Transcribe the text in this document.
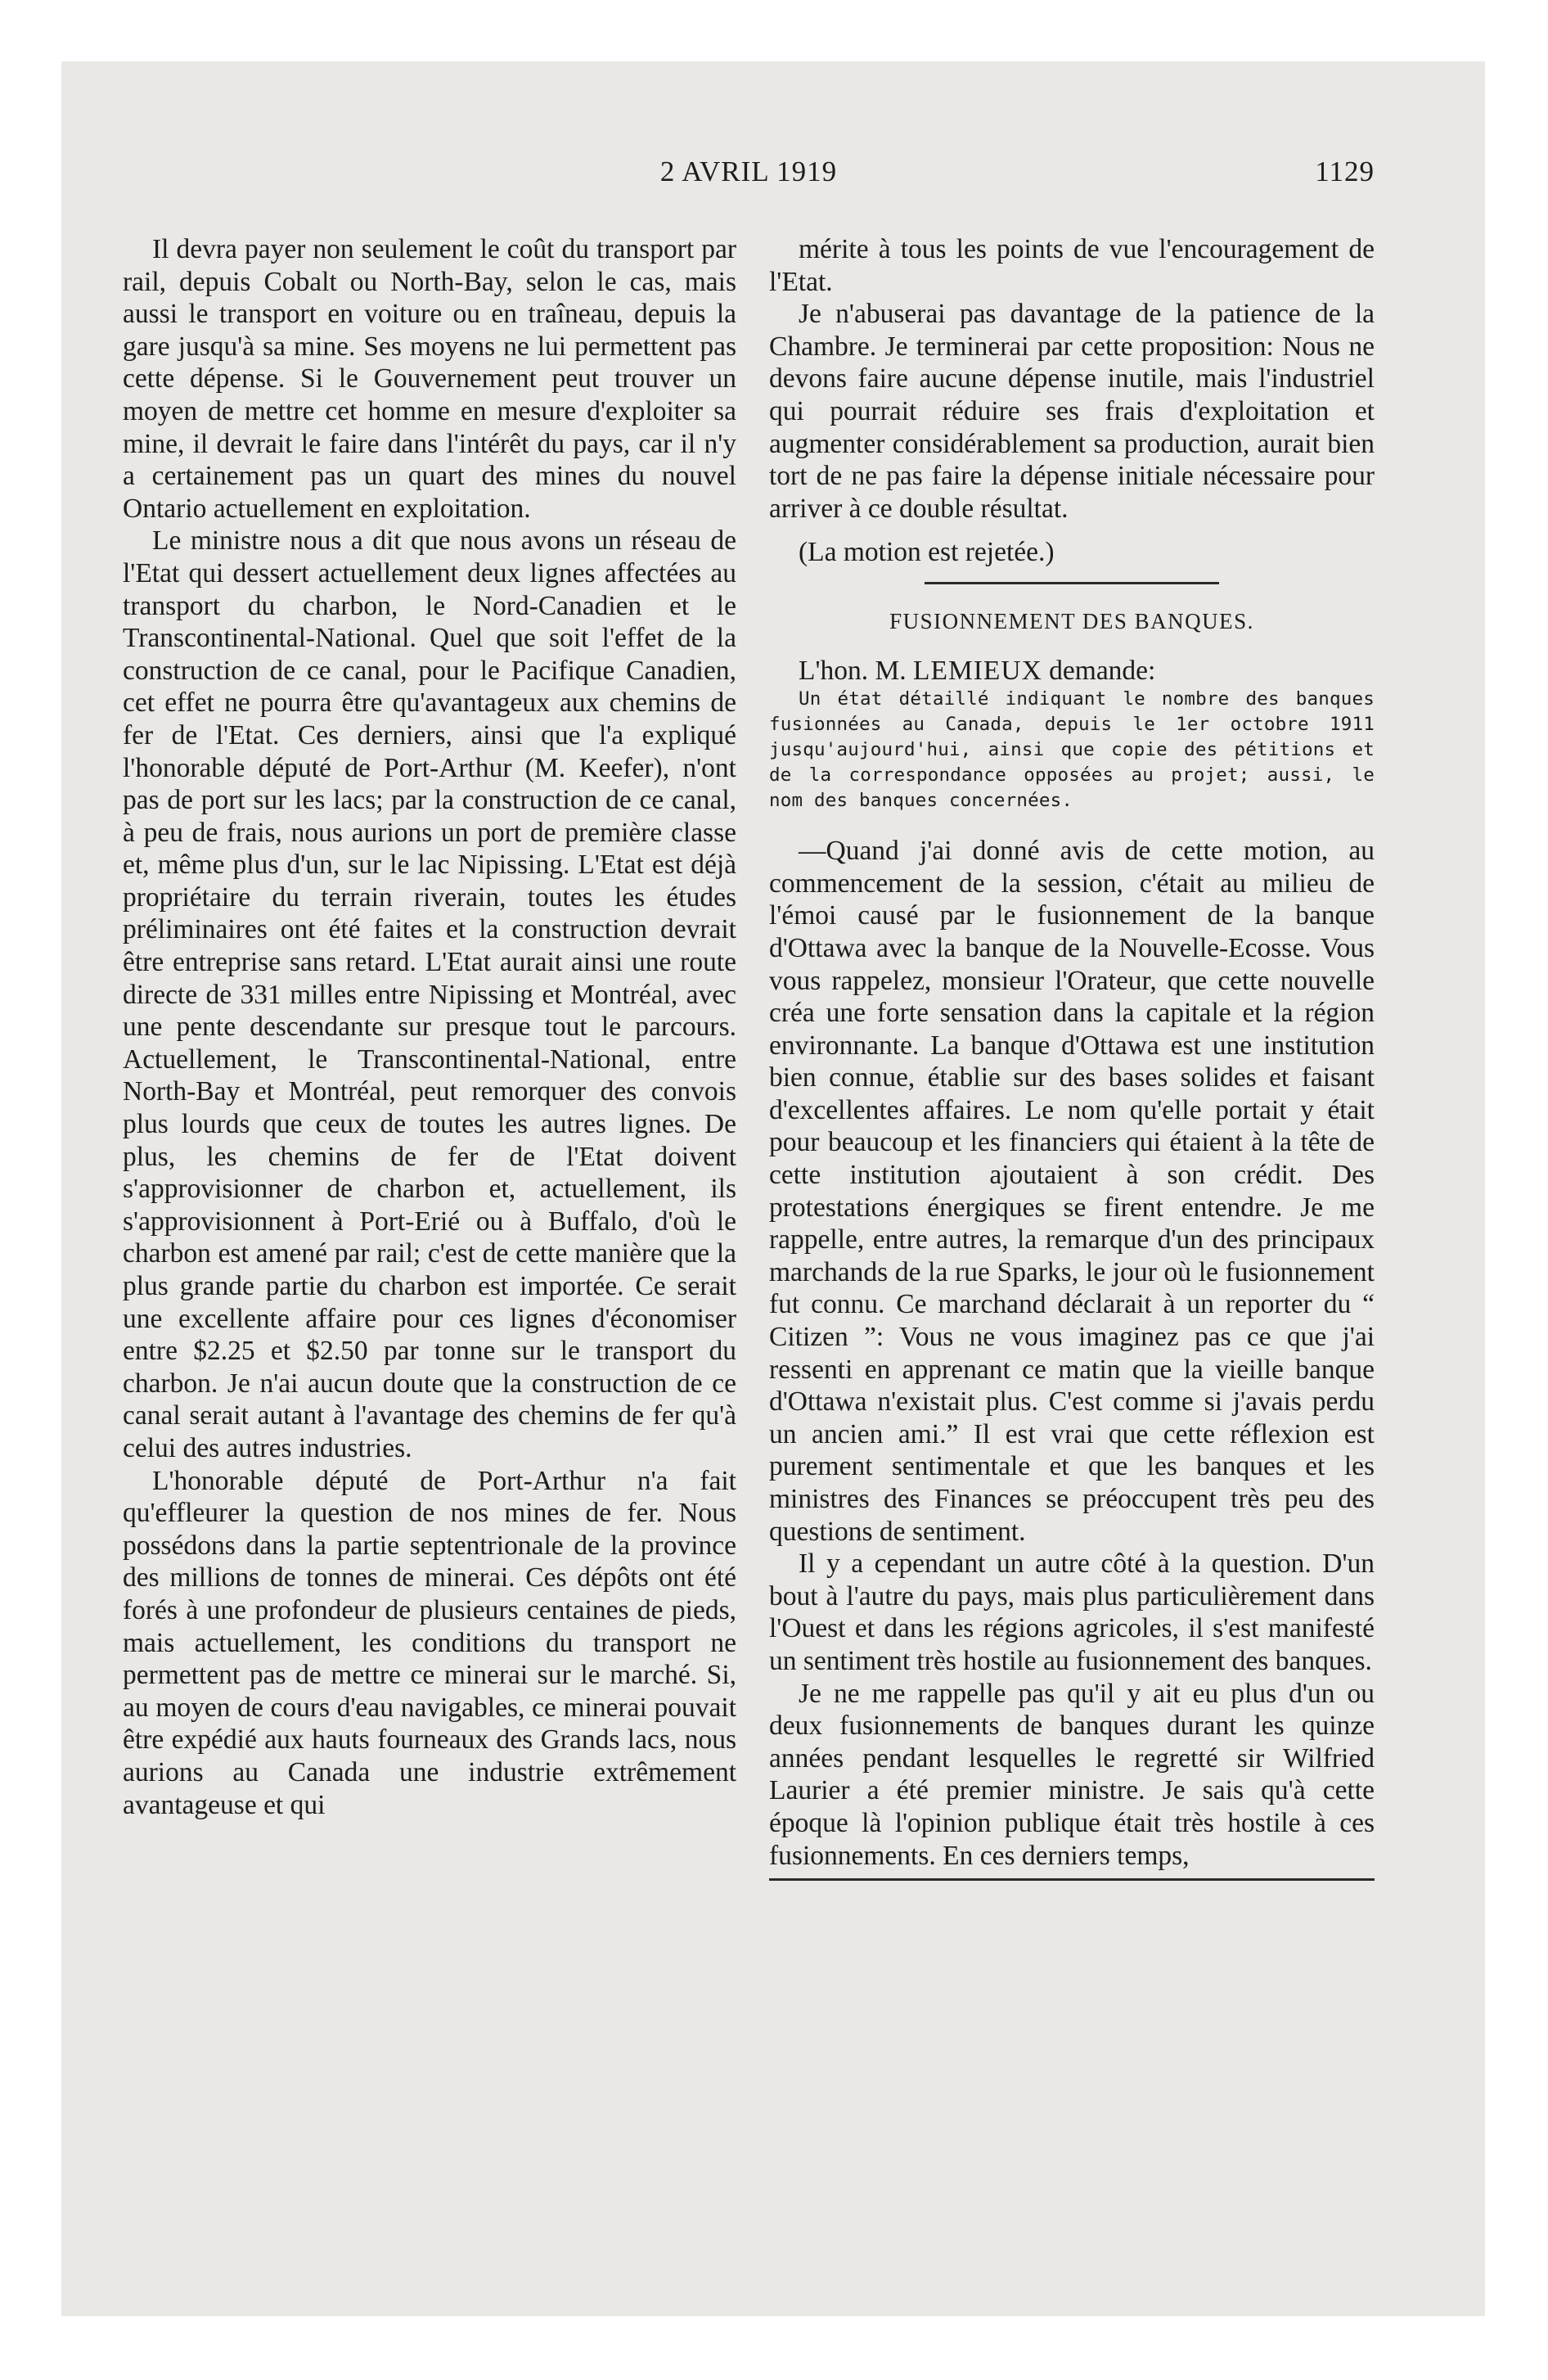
2 AVRIL 1919	1129

Il devra payer non seulement le coût du transport par rail, depuis Cobalt ou North-Bay, selon le cas, mais aussi le transport en voiture ou en traîneau, depuis la gare jusqu'à sa mine. Ses moyens ne lui permettent pas cette dépense. Si le Gouvernement peut trouver un moyen de mettre cet homme en mesure d'exploiter sa mine, il devrait le faire dans l'intérêt du pays, car il n'y a certainement pas un quart des mines du nouvel Ontario actuellement en exploitation.

Le ministre nous a dit que nous avons un réseau de l'Etat qui dessert actuellement deux lignes affectées au transport du charbon, le Nord-Canadien et le Transcontinental-National. Quel que soit l'effet de la construction de ce canal, pour le Pacifique Canadien, cet effet ne pourra être qu'avantageux aux chemins de fer de l'Etat. Ces derniers, ainsi que l'a expliqué l'honorable député de Port-Arthur (M. Keefer), n'ont pas de port sur les lacs; par la construction de ce canal, à peu de frais, nous aurions un port de première classe et, même plus d'un, sur le lac Nipissing. L'Etat est déjà propriétaire du terrain riverain, toutes les études préliminaires ont été faites et la construction devrait être entreprise sans retard. L'Etat aurait ainsi une route directe de 331 milles entre Nipissing et Montréal, avec une pente descendante sur presque tout le parcours. Actuellement, le Transcontinental-National, entre North-Bay et Montréal, peut remorquer des convois plus lourds que ceux de toutes les autres lignes. De plus, les chemins de fer de l'Etat doivent s'approvisionner de charbon et, actuellement, ils s'approvisionnent à Port-Erié ou à Buffalo, d'où le charbon est amené par rail; c'est de cette manière que la plus grande partie du charbon est importée. Ce serait une excellente affaire pour ces lignes d'économiser entre $2.25 et $2.50 par tonne sur le transport du charbon. Je n'ai aucun doute que la construction de ce canal serait autant à l'avantage des chemins de fer qu'à celui des autres industries.

L'honorable député de Port-Arthur n'a fait qu'effleurer la question de nos mines de fer. Nous possédons dans la partie septentrionale de la province des millions de tonnes de minerai. Ces dépôts ont été forés à une profondeur de plusieurs centaines de pieds, mais actuellement, les conditions du transport ne permettent pas de mettre ce minerai sur le marché. Si, au moyen de cours d'eau navigables, ce minerai pouvait être expédié aux hauts fourneaux des Grands lacs, nous aurions au Canada une industrie extrêmement avantageuse et qui

mérite à tous les points de vue l'encouragement de l'Etat.

Je n'abuserai pas davantage de la patience de la Chambre. Je terminerai par cette proposition: Nous ne devons faire aucune dépense inutile, mais l'industriel qui pourrait réduire ses frais d'exploitation et augmenter considérablement sa production, aurait bien tort de ne pas faire la dépense initiale nécessaire pour arriver à ce double résultat.

(La motion est rejetée.)

FUSIONNEMENT DES BANQUES.

L'hon. M. LEMIEUX demande:

Un état détaillé indiquant le nombre des banques fusionnées au Canada, depuis le 1er octobre 1911 jusqu'aujourd'hui, ainsi que copie des pétitions et de la correspondance opposées au projet; aussi, le nom des banques concernées.

—Quand j'ai donné avis de cette motion, au commencement de la session, c'était au milieu de l'émoi causé par le fusionnement de la banque d'Ottawa avec la banque de la Nouvelle-Ecosse. Vous vous rappelez, monsieur l'Orateur, que cette nouvelle créa une forte sensation dans la capitale et la région environnante. La banque d'Ottawa est une institution bien connue, établie sur des bases solides et faisant d'excellentes affaires. Le nom qu'elle portait y était pour beaucoup et les financiers qui étaient à la tête de cette institution ajoutaient à son crédit. Des protestations énergiques se firent entendre. Je me rappelle, entre autres, la remarque d'un des principaux marchands de la rue Sparks, le jour où le fusionnement fut connu. Ce marchand déclarait à un reporter du “ Citizen ”: Vous ne vous imaginez pas ce que j'ai ressenti en apprenant ce matin que la vieille banque d'Ottawa n'existait plus. C'est comme si j'avais perdu un ancien ami.” Il est vrai que cette réflexion est purement sentimentale et que les banques et les ministres des Finances se préoccupent très peu des questions de sentiment.

Il y a cependant un autre côté à la question. D'un bout à l'autre du pays, mais plus particulièrement dans l'Ouest et dans les régions agricoles, il s'est manifesté un sentiment très hostile au fusionnement des banques.

Je ne me rappelle pas qu'il y ait eu plus d'un ou deux fusionnements de banques durant les quinze années pendant lesquelles le regretté sir Wilfried Laurier a été premier ministre. Je sais qu'à cette époque là l'opinion publique était très hostile à ces fusionnements. En ces derniers temps,
